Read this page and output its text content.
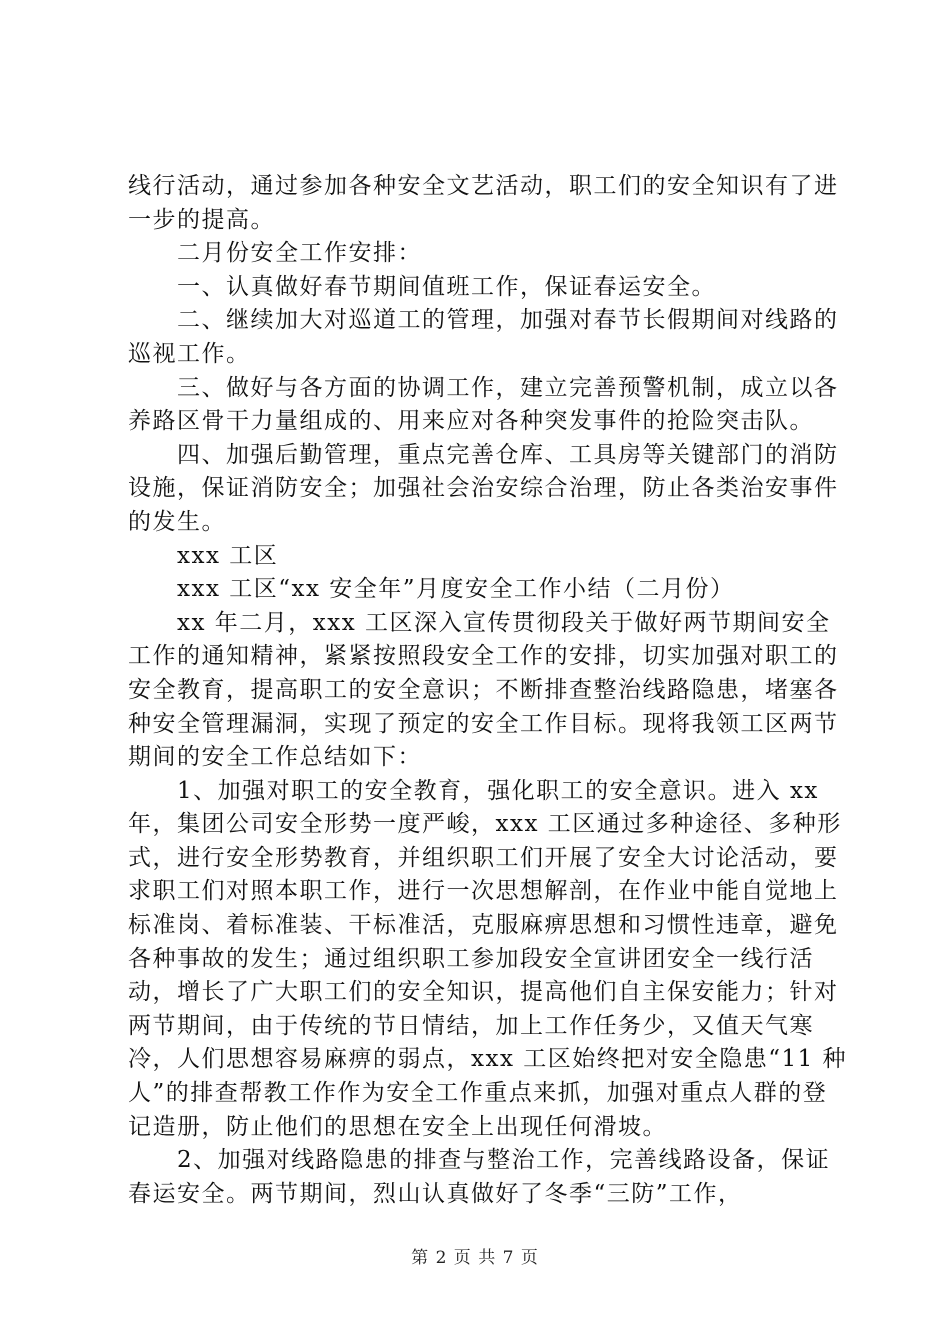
线行活动，通过参加各种安全文艺活动，职工们的安全知识有了进一步的提高。

　　二月份安全工作安排：

　　一、认真做好春节期间值班工作，保证春运安全。

　　二、继续加大对巡道工的管理，加强对春节长假期间对线路的巡视工作。

　　三、做好与各方面的协调工作，建立完善预警机制，成立以各养路区骨干力量组成的、用来应对各种突发事件的抢险突击队。

　　四、加强后勤管理，重点完善仓库、工具房等关键部门的消防设施，保证消防安全；加强社会治安综合治理，防止各类治安事件的发生。

　　xxx 工区

　　xxx 工区“xx 安全年”月度安全工作小结（二月份）

　　xx 年二月，xxx 工区深入宣传贯彻段关于做好两节期间安全工作的通知精神，紧紧按照段安全工作的安排，切实加强对职工的安全教育，提高职工的安全意识；不断排查整治线路隐患，堵塞各种安全管理漏洞，实现了预定的安全工作目标。现将我领工区两节期间的安全工作总结如下：

　　1、加强对职工的安全教育，强化职工的安全意识。进入 xx 年，集团公司安全形势一度严峻，xxx 工区通过多种途径、多种形式，进行安全形势教育，并组织职工们开展了安全大讨论活动，要求职工们对照本职工作，进行一次思想解剖，在作业中能自觉地上标准岗、着标准装、干标准活，克服麻痹思想和习惯性违章，避免各种事故的发生；通过组织职工参加段安全宣讲团安全一线行活动，增长了广大职工们的安全知识，提高他们自主保安能力；针对两节期间，由于传统的节日情结，加上工作任务少，又值天气寒冷，人们思想容易麻痹的弱点，xxx 工区始终把对安全隐患“11 种人”的排查帮教工作作为安全工作重点来抓，加强对重点人群的登记造册，防止他们的思想在安全上出现任何滑坡。

　　2、加强对线路隐患的排查与整治工作，完善线路设备，保证春运安全。两节期间，烈山认真做好了冬季“三防”工作，

第 2 页 共 7 页
